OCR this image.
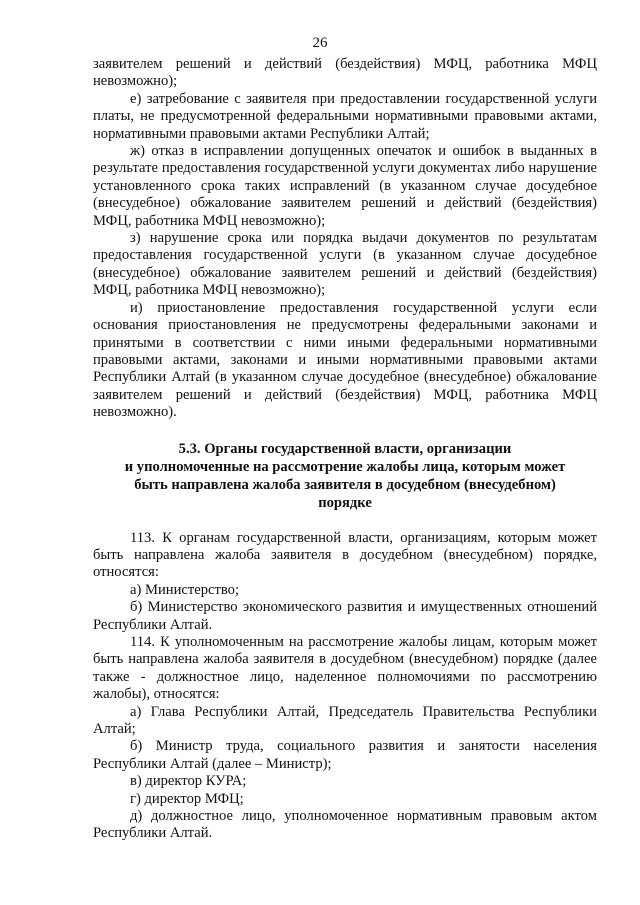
26

заявителем решений и действий (бездействия) МФЦ, работника МФЦ невозможно);

е) затребование с заявителя при предоставлении государственной услуги платы, не предусмотренной федеральными нормативными правовыми актами, нормативными правовыми актами Республики Алтай;

ж) отказ в исправлении допущенных опечаток и ошибок в выданных в результате предоставления государственной услуги документах либо нарушение установленного срока таких исправлений (в указанном случае досудебное (внесудебное) обжалование заявителем решений и действий (бездействия) МФЦ, работника МФЦ невозможно);

з) нарушение срока или порядка выдачи документов по результатам предоставления государственной услуги (в указанном случае досудебное (внесудебное) обжалование заявителем решений и действий (бездействия) МФЦ, работника МФЦ невозможно);

и) приостановление предоставления государственной услуги если основания приостановления не предусмотрены федеральными законами и принятыми в соответствии с ними иными федеральными нормативными правовыми актами, законами и иными нормативными правовыми актами Республики Алтай (в указанном случае досудебное (внесудебное) обжалование заявителем решений и действий (бездействия) МФЦ, работника МФЦ невозможно).

5.3. Органы государственной власти, организации
и уполномоченные на рассмотрение жалобы лица, которым может
быть направлена жалоба заявителя в досудебном (внесудебном)
порядке

113. К органам государственной власти, организациям, которым может быть направлена жалоба заявителя в досудебном (внесудебном) порядке, относятся:

а) Министерство;

б) Министерство экономического развития и имущественных отношений Республики Алтай.

114. К уполномоченным на рассмотрение жалобы лицам, которым может быть направлена жалоба заявителя в досудебном (внесудебном) порядке (далее также - должностное лицо, наделенное полномочиями по рассмотрению жалобы), относятся:

а) Глава Республики Алтай, Председатель Правительства Республики Алтай;

б) Министр труда, социального развития и занятости населения Республики Алтай (далее – Министр);

в) директор КУРА;

г) директор МФЦ;

д) должностное лицо, уполномоченное нормативным правовым актом Республики Алтай.
